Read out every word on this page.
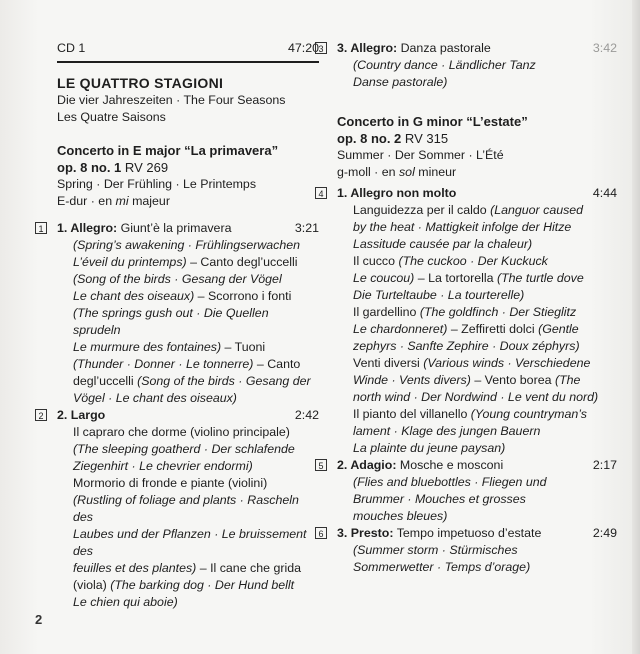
CD 1	47:20
LE QUATTRO STAGIONI
Die vier Jahreszeiten · The Four Seasons
Les Quatre Saisons
Concerto in E major “La primavera”
op. 8 no. 1 RV 269
Spring · Der Frühling · Le Printemps
E-dur · en mi majeur
1 1. Allegro: Giunt’è la primavera	3:21
(Spring’s awakening · Frühlingserwachen
L’éveil du printemps) – Canto degl’uccelli
(Song of the birds · Gesang der Vögel
Le chant des oiseaux) – Scorrono i fonti
(The springs gush out · Die Quellen sprudeln
Le murmure des fontaines) – Tuoni
(Thunder · Donner · Le tonnerre) – Canto
degl’uccelli (Song of the birds · Gesang der
Vögel · Le chant des oiseaux)
2 2. Largo	2:42
Il capraro che dorme (violino principale)
(The sleeping goatherd · Der schlafende
Ziegenhirt · Le chevrier endormi)
Mormorio di fronde e piante (violini)
(Rustling of foliage and plants · Rascheln des
Laubes und der Pflanzen · Le bruissement des
feuilles et des plantes) – Il cane che grida
(viola) (The barking dog · Der Hund bellt
Le chien qui aboie)
3 3. Allegro: Danza pastorale	3:42
(Country dance · Ländlicher Tanz
Danse pastorale)
Concerto in G minor “L’estate”
op. 8 no. 2 RV 315
Summer · Der Sommer · L’Été
g-moll · en sol mineur
4 1. Allegro non molto	4:44
Languidezza per il caldo (Languor caused
by the heat · Mattigkeit infolge der Hitze
Lassitude causée par la chaleur)
Il cucco (The cuckoo · Der Kuckuck
Le coucou) – La tortorella (The turtle dove
Die Turteltaube · La tourterelle)
Il gardellino (The goldfinch · Der Stieglitz
Le chardonneret) – Zeffiretti dolci (Gentle
zephyrs · Sanfte Zephire · Doux zéphyrs)
Venti diversi (Various winds · Verschiedene
Winde · Vents divers) – Vento borea (The
north wind · Der Nordwind · Le vent du nord)
Il pianto del villanello (Young countryman’s
lament · Klage des jungen Bauern
La plainte du jeune paysan)
5 2. Adagio: Mosche e mosconi	2:17
(Flies and bluebottles · Fliegen und
Brummer · Mouches et grosses
mouches bleues)
6 3. Presto: Tempo impetuoso d’estate	2:49
(Summer storm · Stürmisches
Sommerwetter · Temps d’orage)
2
